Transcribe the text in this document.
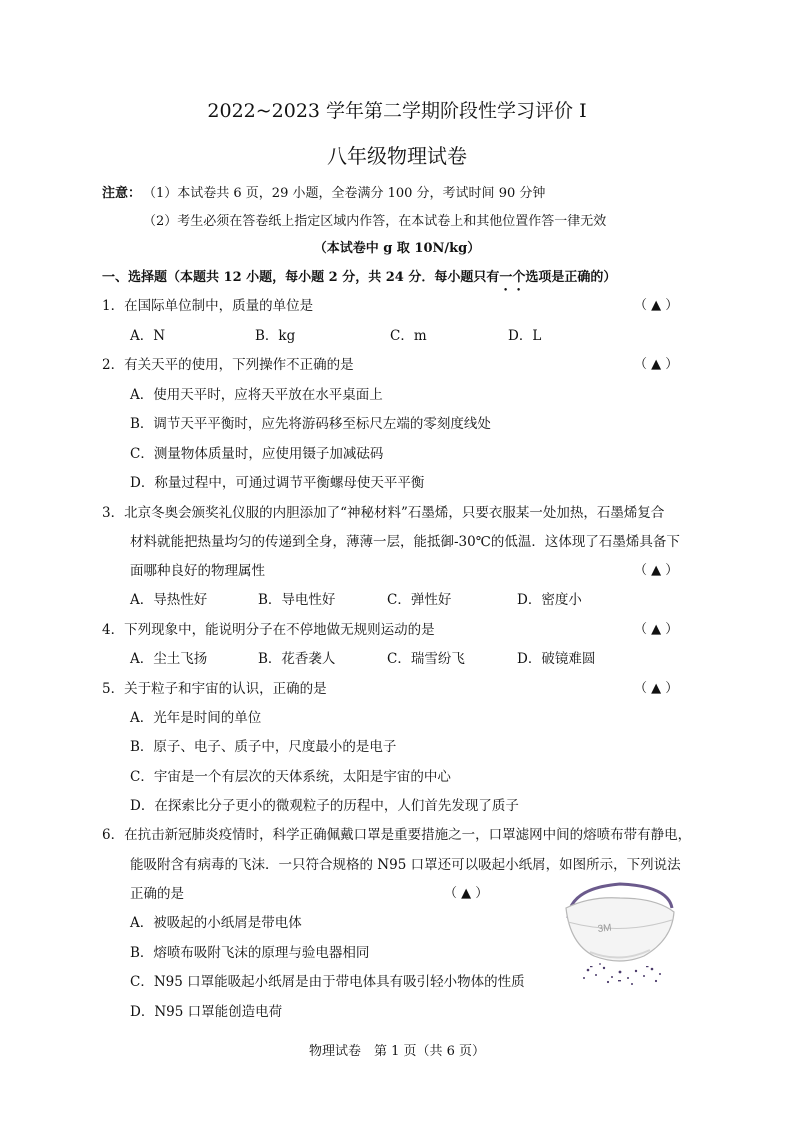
2022~2023 学年第二学期阶段性学习评价 I
八年级物理试卷
注意： （1）本试卷共 6 页，29 小题，全卷满分 100 分，考试时间 90 分钟
（2）考生必须在答卷纸上指定区域内作答，在本试卷上和其他位置作答一律无效
（本试卷中 g 取 10N/kg）
一、选择题（本题共 12 小题，每小题 2 分，共 24 分．每小题只有一个选项是正确的）
1．在国际单位制中，质量的单位是	（ ▲ ）
A．N	B．kg	C．m	D．L
2．有关天平的使用，下列操作不正确的是	（ ▲ ）
A．使用天平时，应将天平放在水平桌面上
B．调节天平平衡时，应先将游码移至标尺左端的零刻度线处
C．测量物体质量时，应使用镊子加减砝码
D．称量过程中，可通过调节平衡螺母使天平平衡
3．北京冬奥会颁奖礼仪服的内胆添加了“神秘材料”石墨烯，只要衣服某一处加热，石墨烯复合
材料就能把热量均匀的传递到全身，薄薄一层，能抵御-30℃的低温．这体现了石墨烯具备下
面哪种良好的物理属性	（ ▲ ）
A．导热性好	B．导电性好	C．弹性好	D．密度小
4．下列现象中，能说明分子在不停地做无规则运动的是	（ ▲ ）
A．尘土飞扬	B．花香袭人	C．瑞雪纷飞	D．破镜难圆
5．关于粒子和宇宙的认识，正确的是	（ ▲ ）
A．光年是时间的单位
B．原子、电子、质子中，尺度最小的是电子
C．宇宙是一个有层次的天体系统，太阳是宇宙的中心
D．在探索比分子更小的微观粒子的历程中，人们首先发现了质子
6．在抗击新冠肺炎疫情时，科学正确佩戴口罩是重要措施之一，口罩滤网中间的熔喷布带有静电，
能吸附含有病毒的飞沫．一只符合规格的 N95 口罩还可以吸起小纸屑，如图所示，下列说法
正确的是	（ ▲ ）
A．被吸起的小纸屑是带电体
B．熔喷布吸附飞沫的原理与验电器相同
C．N95 口罩能吸起小纸屑是由于带电体具有吸引轻小物体的性质
D．N95 口罩能创造电荷
3M
物理试卷　第 1 页（共 6 页）
